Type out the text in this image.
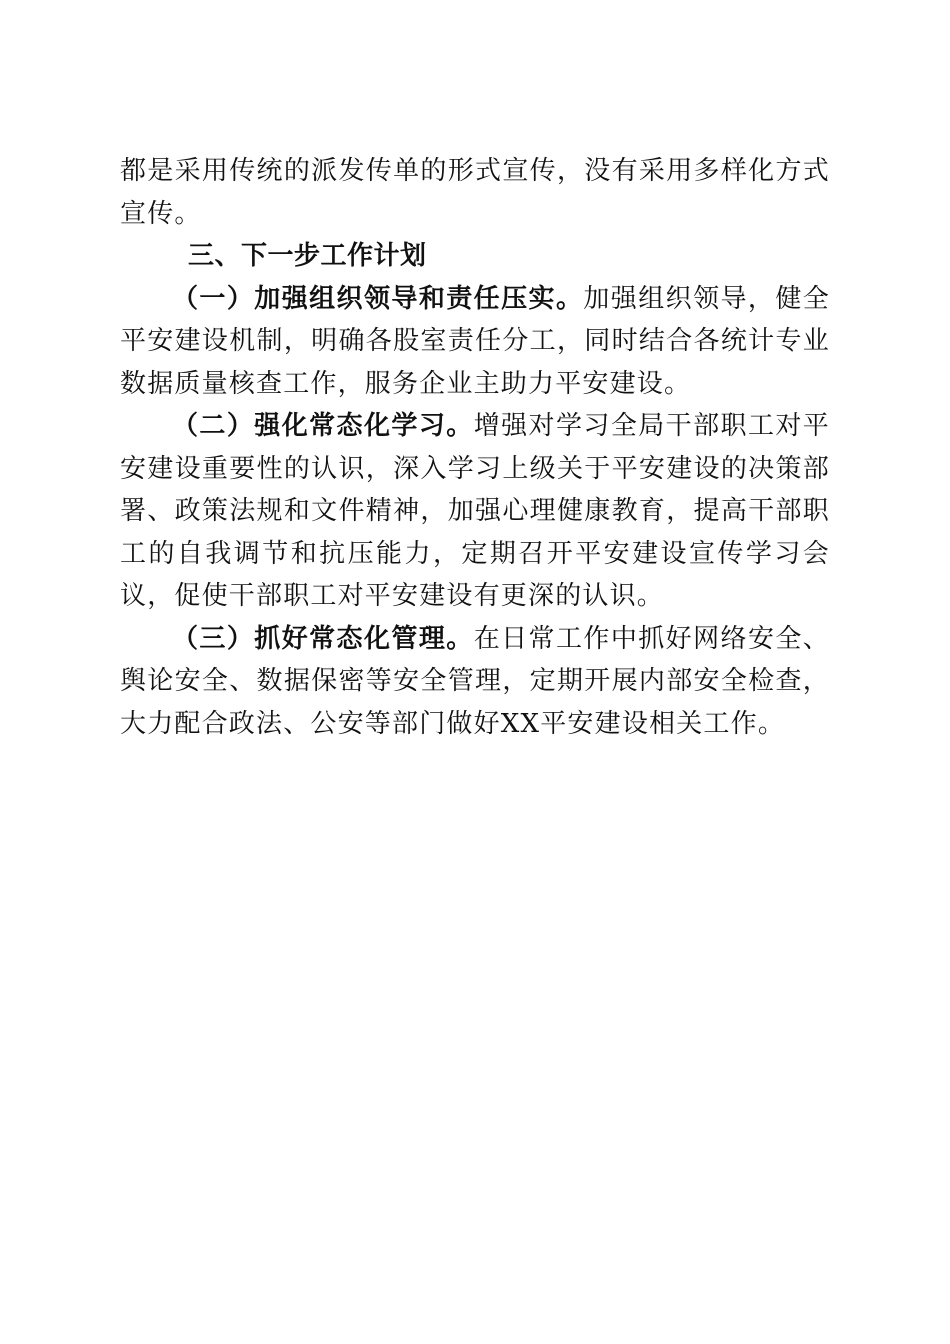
都是采用传统的派发传单的形式宣传，没有采用多样化方式宣传。

三、下一步工作计划

（一）加强组织领导和责任压实。加强组织领导，健全平安建设机制，明确各股室责任分工，同时结合各统计专业数据质量核查工作，服务企业主助力平安建设。

（二）强化常态化学习。增强对学习全局干部职工对平安建设重要性的认识，深入学习上级关于平安建设的决策部署、政策法规和文件精神，加强心理健康教育，提高干部职工的自我调节和抗压能力，定期召开平安建设宣传学习会议，促使干部职工对平安建设有更深的认识。

（三）抓好常态化管理。在日常工作中抓好网络安全、舆论安全、数据保密等安全管理，定期开展内部安全检查，大力配合政法、公安等部门做好XX平安建设相关工作。
